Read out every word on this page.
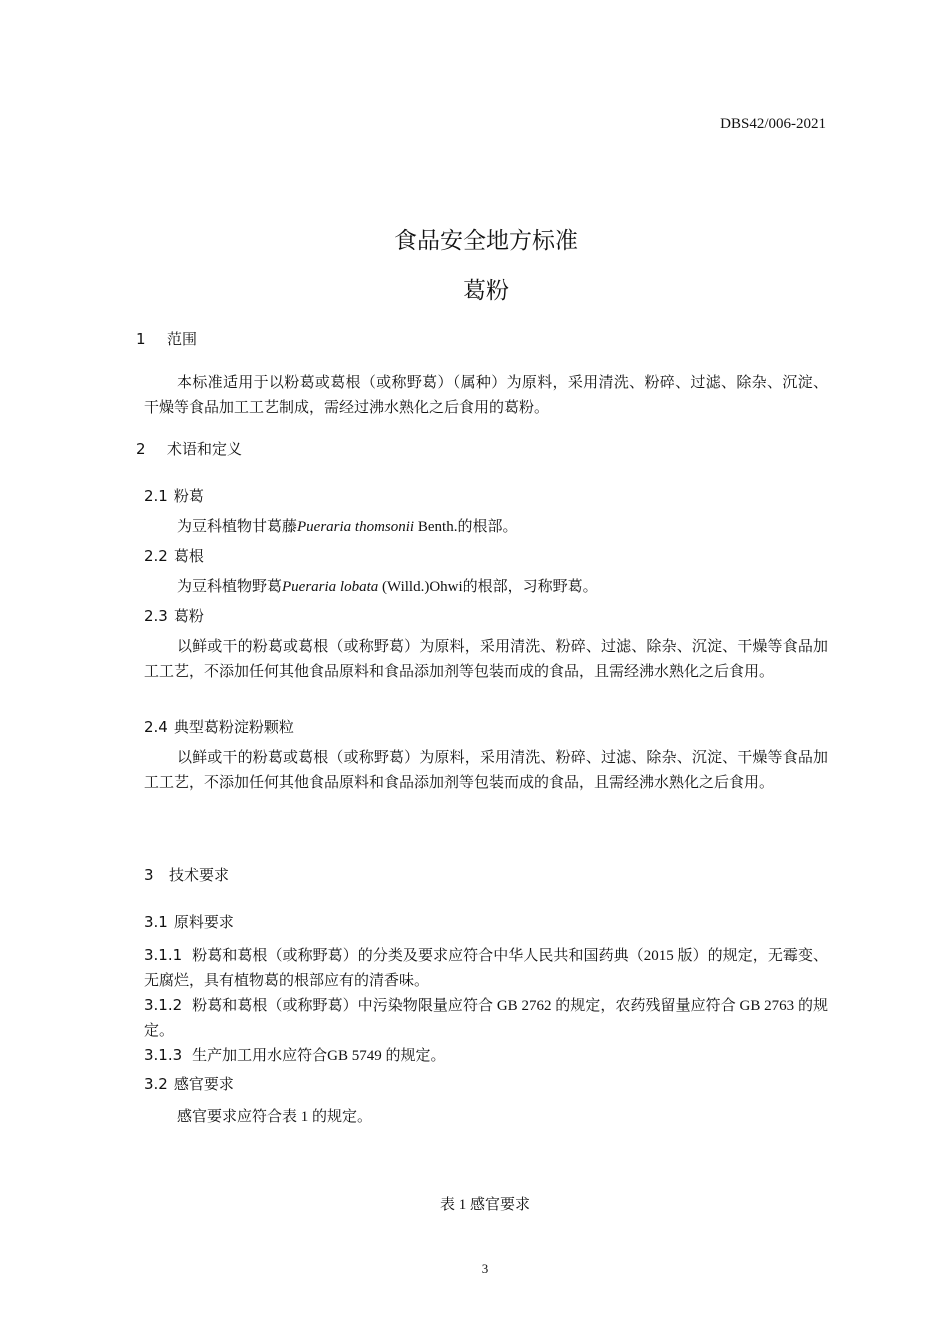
DBS42/006-2021
食品安全地方标准
葛粉
1 范围
本标准适用于以粉葛或葛根（或称野葛）（属种）为原料，采用清洗、粉碎、过滤、除杂、沉淀、干燥等食品加工工艺制成，需经过沸水熟化之后食用的葛粉。
2 术语和定义
2.1 粉葛
为豆科植物甘葛藤Pueraria thomsonii Benth.的根部。
2.2 葛根
为豆科植物野葛Pueraria lobata (Willd.)Ohwi的根部，习称野葛。
2.3 葛粉
以鲜或干的粉葛或葛根（或称野葛）为原料，采用清洗、粉碎、过滤、除杂、沉淀、干燥等食品加工工艺，不添加任何其他食品原料和食品添加剂等包装而成的食品，且需经沸水熟化之后食用。
2.4 典型葛粉淀粉颗粒
以鲜或干的粉葛或葛根（或称野葛）为原料，采用清洗、粉碎、过滤、除杂、沉淀、干燥等食品加工工艺，不添加任何其他食品原料和食品添加剂等包装而成的食品，且需经沸水熟化之后食用。
3 技术要求
3.1 原料要求
3.1.1 粉葛和葛根（或称野葛）的分类及要求应符合中华人民共和国药典（2015 版）的规定，无霉变、无腐烂，具有植物葛的根部应有的清香味。
3.1.2 粉葛和葛根（或称野葛）中污染物限量应符合 GB 2762 的规定，农药残留量应符合 GB 2763 的规定。
3.1.3 生产加工用水应符合GB 5749 的规定。
3.2 感官要求
感官要求应符合表 1 的规定。
表 1 感官要求
3
